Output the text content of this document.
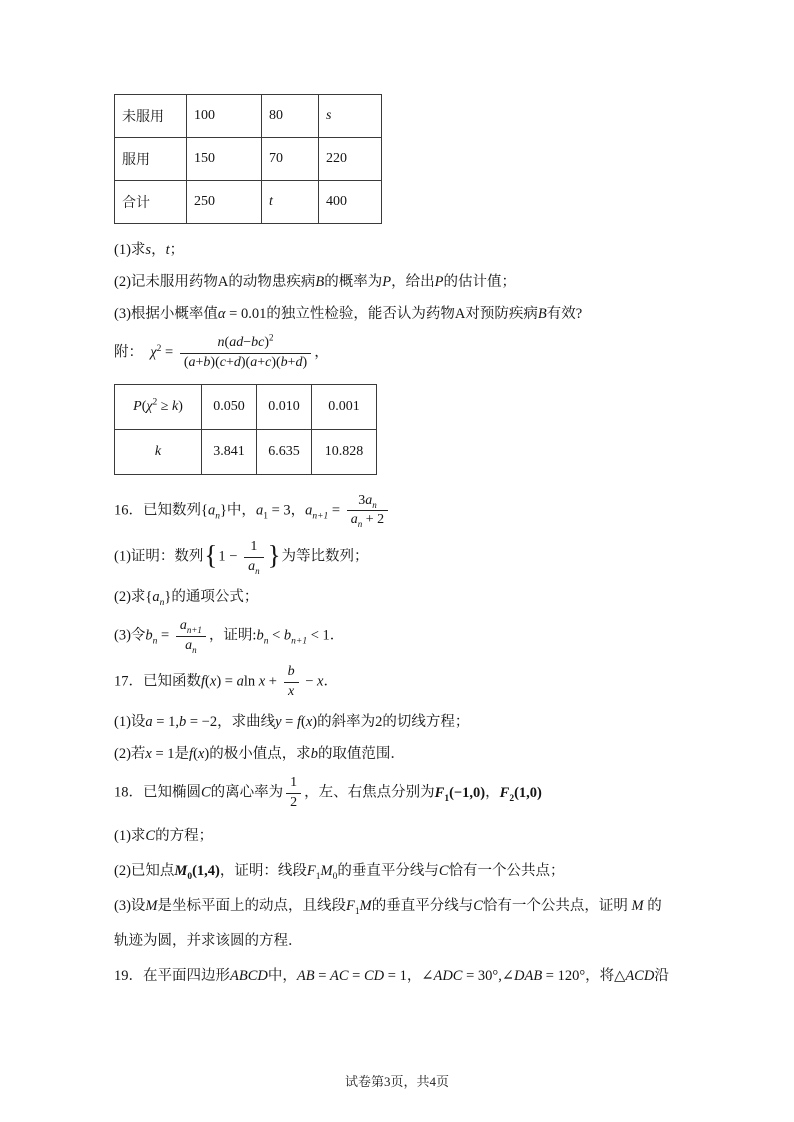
未服用	100	80	s
服用	150	70	220
合计	250	t	400
(1)求s，t；
(2)记未服用药物A的动物患疾病B的概率为P，给出P的估计值；
(3)根据小概率值α = 0.01的独立性检验，能否认为药物A对预防疾病B有效?
附：　$\chi^2 = \frac{n(ad-bc)^2}{(a+b)(c+d)(a+c)(b+d)}$ ，
$P(\chi^2 \ge k)$	0.050	0.010	0.001
k	3.841	6.635	10.828
16．已知数列$\{a_n\}$中，$a_1 = 3$，$a_{n+1} = \frac{3a_n}{a_n + 2}$
(1)证明：数列{$1 - \frac{1}{a_n}$ }为等比数列；
(2)求$\{a_n\}$的通项公式；
(3)令$b_n = \frac{a_{n+1}}{a_n}$ ，证明$:b_n < b_{n+1} < 1$．
17．已知函数f(x) = aln $x + \frac{b}{x} - x$．
(1)设a = 1,b = −2，求曲线y = f(x)的斜率为2的切线方程；
(2)若x = 1是f(x)的极小值点，求b的取值范围．
18．已知椭圆C的离心率为 $\frac{1}{2}$ ，左、右焦点分别为$F_1(-1,0)$，$F_2(1,0)$
(1)求C的方程；
(2)已知点$M_0(1,4)$，证明：线段$F_1M_0$的垂直平分线与C恰有一个公共点；
(3)设M是坐标平面上的动点，且线段$F_1M$的垂直平分线与C恰有一个公共点，证明 M 的
轨迹为圆，并求该圆的方程．
19．在平面四边形ABCD中，AB = AC = CD = 1，∠ADC = 30°,∠DAB = 120°，将△ACD沿
试卷第3页，共4页
